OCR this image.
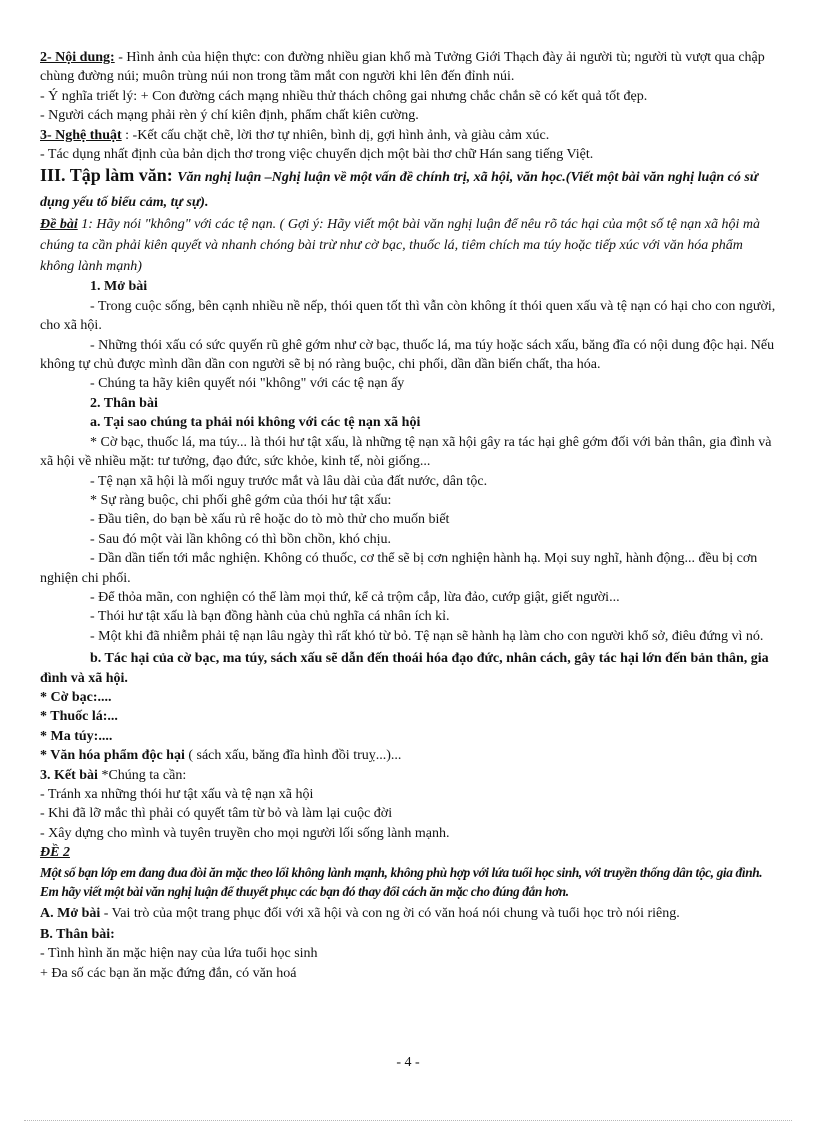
2- Nội dung: - Hình ảnh của hiện thực: con đường nhiều gian khổ mà Tưởng Giới Thạch đày ải người tù; người tù vượt qua chập chùng đường núi; muôn trùng núi non trong tầm mắt con người khi lên đến đỉnh núi.

- Ý nghĩa triết lý: + Con đường cách mạng nhiều thử thách chông gai nhưng chắc chắn sẽ có kết quả tốt đẹp.

- Người cách mạng phải rèn ý chí kiên định, phẩm chất kiên cường.

3- Nghệ thuật : -Kết cấu chặt chẽ, lời thơ tự nhiên, bình dị, gợi hình ảnh, và giàu cảm xúc.

- Tác dụng nhất định của bản dịch thơ trong việc chuyển dịch một bài thơ chữ Hán sang tiếng Việt.

III. Tập làm văn: Văn nghị luận –Nghị luận về một vấn đề chính trị, xã hội, văn học.(Viết một bài văn nghị luận có sử dụng yếu tố biểu cảm, tự sự).

Đề bài 1: Hãy nói "không" với các tệ nạn. ( Gợi ý: Hãy viết một bài văn nghị luận để nêu rõ tác hại của một số tệ nạn xã hội mà chúng ta cần phải kiên quyết và nhanh chóng bài trừ như cờ bạc, thuốc lá, tiêm chích ma túy hoặc tiếp xúc với văn hóa phẩm không lành mạnh)

1. Mở bài

- Trong cuộc sống, bên cạnh nhiều nề nếp, thói quen tốt thì vẫn còn không ít thói quen xấu và tệ nạn có hại cho con người, cho xã hội.

- Những thói xấu có sức quyến rũ ghê gớm như cờ bạc, thuốc lá, ma túy hoặc sách xấu, băng đĩa có nội dung độc hại. Nếu không tự chủ được mình dần dần con người sẽ bị nó ràng buộc, chi phối, dần dần biến chất, tha hóa.

- Chúng ta hãy kiên quyết nói "không" với các tệ nạn ấy

2. Thân bài

a. Tại sao chúng ta phải nói không với các tệ nạn xã hội

* Cờ bạc, thuốc lá, ma túy... là thói hư tật xấu, là những tệ nạn xã hội gây ra tác hại ghê gớm đối với bản thân, gia đình và xã hội về nhiều mặt: tư tưởng, đạo đức, sức khỏe, kinh tế, nòi giống...

- Tệ nạn xã hội là mối nguy trước mắt và lâu dài của đất nước, dân tộc.

* Sự ràng buộc, chi phối ghê gớm của thói hư tật xấu:

- Đầu tiên, do bạn bè xấu rủ rê hoặc do tò mò thử cho muốn biết

- Sau đó một vài lần không có thì bồn chồn, khó chịu.

- Dần dần tiến tới mắc nghiện. Không có thuốc, cơ thể sẽ bị cơn nghiện hành hạ. Mọi suy nghĩ, hành động... đều bị cơn nghiện chi phối.

- Để thỏa mãn, con nghiện có thể làm mọi thứ, kể cả trộm cắp, lừa đảo, cướp giật, giết người...

- Thói hư tật xấu là bạn đồng hành của chủ nghĩa cá nhân ích kỉ.

- Một khi đã nhiễm phải tệ nạn lâu ngày thì rất khó từ bỏ. Tệ nạn sẽ hành hạ làm cho con người khổ sở, điêu đứng vì nó.

b. Tác hại của cờ bạc, ma túy, sách xấu sẽ dẫn đến thoái hóa đạo đức, nhân cách, gây tác hại lớn đến bản thân, gia đình và xã hội.

* Cờ bạc:....

* Thuốc lá:...

* Ma túy:....

* Văn hóa phẩm độc hại ( sách xấu, băng đĩa hình đồi truỵ...)...

3. Kết bài *Chúng ta cần:

- Tránh xa những thói hư tật xấu và tệ nạn xã hội

- Khi đã lỡ mắc thì phải có quyết tâm từ bỏ và làm lại cuộc đời

- Xây dựng cho mình và tuyên truyền cho mọi người lối sống lành mạnh.

ĐỀ 2

Một số bạn lớp em đang đua đòi ăn mặc theo lối không lành mạnh, không phù hợp với lứa tuổi học sinh, với truyền thống dân tộc, gia đình. Em hãy viết một bài văn nghị luận để thuyết phục các bạn đó thay đổi cách ăn mặc cho đúng đắn hơn.

A. Mở bài - Vai trò của một trang phục đối với xã hội và con ng ời có văn hoá nói chung và tuổi học trò nói riêng.

B. Thân bài:

- Tình hình ăn mặc hiện nay của lứa tuổi học sinh

+ Đa số các bạn ăn mặc đứng đắn, có văn hoá

- 4 -
